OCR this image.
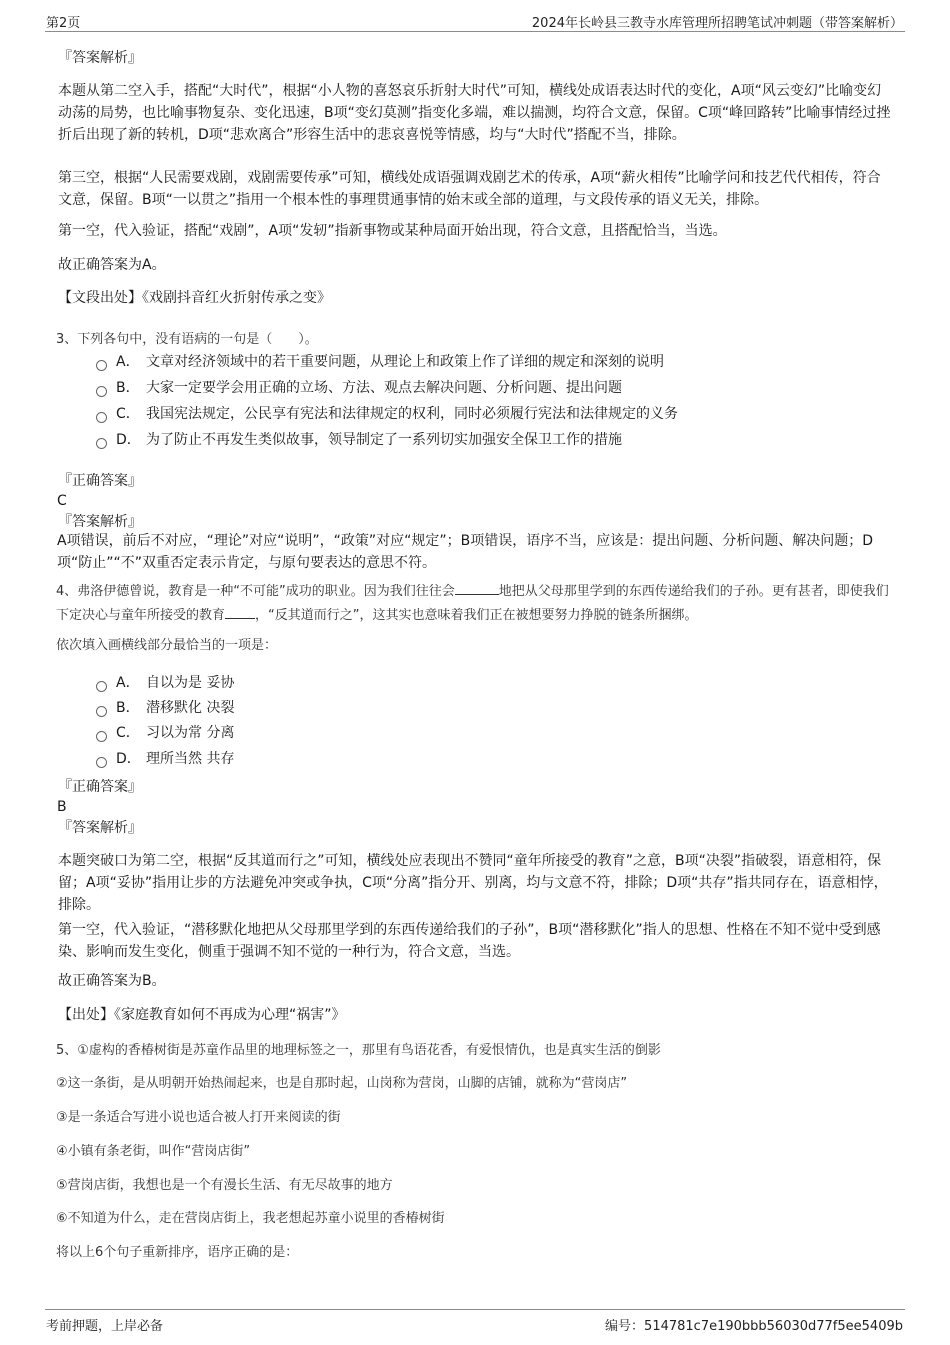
第2页	2024年长岭县三教寺水库管理所招聘笔试冲刺题（带答案解析）

『答案解析』

本题从第二空入手，搭配“大时代”，根据“小人物的喜怒哀乐折射大时代”可知，横线处成语表达时代的变化，A项“风云变幻”比喻变幻动荡的局势，也比喻事物复杂、变化迅速，B项“变幻莫测”指变化多端，难以揣测，均符合文意，保留。C项“峰回路转”比喻事情经过挫折后出现了新的转机，D项“悲欢离合”形容生活中的悲哀喜悦等情感，均与“大时代”搭配不当，排除。

第三空，根据“人民需要戏剧，戏剧需要传承”可知，横线处成语强调戏剧艺术的传承，A项“薪火相传”比喻学问和技艺代代相传，符合文意，保留。B项“一以贯之”指用一个根本性的事理贯通事情的始末或全部的道理，与文段传承的语义无关，排除。

第一空，代入验证，搭配“戏剧”，A项“发轫”指新事物或某种局面开始出现，符合文意，且搭配恰当，当选。

故正确答案为A。

【文段出处】《戏剧抖音红火折射传承之变》

3、下列各句中，没有语病的一句是（　　）。

A． 文章对经济领域中的若干重要问题，从理论上和政策上作了详细的规定和深刻的说明
B． 大家一定要学会用正确的立场、方法、观点去解决问题、分析问题、提出问题
C． 我国宪法规定，公民享有宪法和法律规定的权利，同时必须履行宪法和法律规定的义务
D． 为了防止不再发生类似故事，领导制定了一系列切实加强安全保卫工作的措施

『正确答案』

C

『答案解析』

A项错误，前后不对应，“理论”对应“说明”，“政策”对应“规定”；B项错误，语序不当，应该是：提出问题、分析问题、解决问题；D项“防止”“不”双重否定表示肯定，与原句要表达的意思不符。

4、弗洛伊德曾说，教育是一种“不可能”成功的职业。因为我们往往会	地把从父母那里学到的东西传递给我们的子孙。更有甚者，即使我们下定决心与童年所接受的教育 ，“反其道而行之”，这其实也意味着我们正在被想要努力挣脱的链条所捆绑。

依次填入画横线部分最恰当的一项是：

A． 自以为是 妥协
B． 潜移默化 决裂
C． 习以为常 分离
D． 理所当然 共存

『正确答案』

B

『答案解析』

本题突破口为第二空，根据“反其道而行之”可知，横线处应表现出不赞同“童年所接受的教育”之意，B项“决裂”指破裂，语意相符，保留；A项“妥协”指用让步的方法避免冲突或争执，C项“分离”指分开、别离，均与文意不符，排除；D项“共存”指共同存在，语意相悖，排除。

第一空，代入验证，“潜移默化地把从父母那里学到的东西传递给我们的子孙”，B项“潜移默化”指人的思想、性格在不知不觉中受到感染、影响而发生变化，侧重于强调不知不觉的一种行为，符合文意，当选。

故正确答案为B。

【出处】《家庭教育如何不再成为心理“祸害”》

5、①虚构的香椿树街是苏童作品里的地理标签之一，那里有鸟语花香，有爱恨情仇，也是真实生活的倒影

②这一条街，是从明朝开始热闹起来，也是自那时起，山岗称为营岗，山脚的店铺，就称为“营岗店”

③是一条适合写进小说也适合被人打开来阅读的街

④小镇有条老街，叫作“营岗店街”

⑤营岗店街，我想也是一个有漫长生活、有无尽故事的地方

⑥不知道为什么，走在营岗店街上，我老想起苏童小说里的香椿树街

将以上6个句子重新排序，语序正确的是：

考前押题，上岸必备	编号：514781c7e190bbb56030d77f5ee5409b
